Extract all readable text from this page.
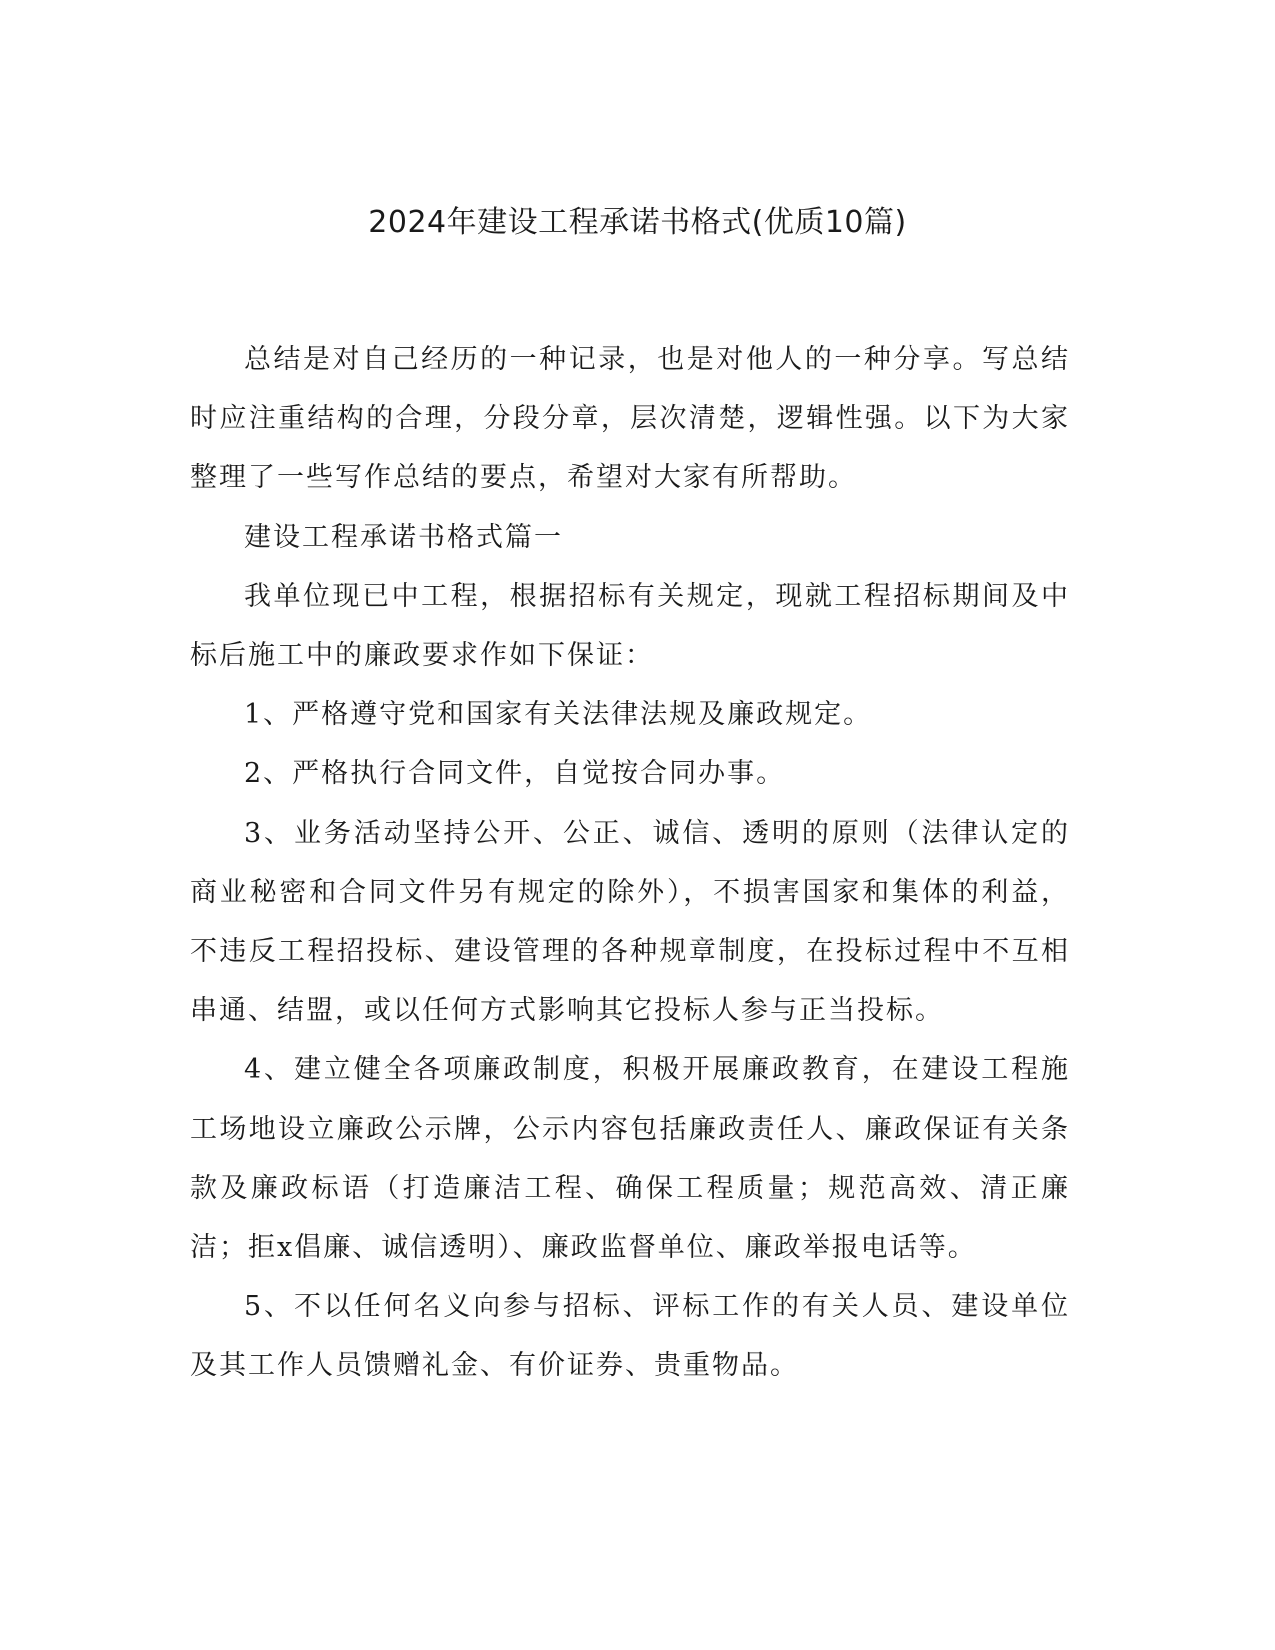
2024年建设工程承诺书格式(优质10篇)

总结是对自己经历的一种记录，也是对他人的一种分享。写总结时应注重结构的合理，分段分章，层次清楚，逻辑性强。以下为大家整理了一些写作总结的要点，希望对大家有所帮助。

建设工程承诺书格式篇一

我单位现已中工程，根据招标有关规定，现就工程招标期间及中标后施工中的廉政要求作如下保证：

1、严格遵守党和国家有关法律法规及廉政规定。

2、严格执行合同文件，自觉按合同办事。

3、业务活动坚持公开、公正、诚信、透明的原则（法律认定的商业秘密和合同文件另有规定的除外），不损害国家和集体的利益，不违反工程招投标、建设管理的各种规章制度，在投标过程中不互相串通、结盟，或以任何方式影响其它投标人参与正当投标。

4、建立健全各项廉政制度，积极开展廉政教育，在建设工程施工场地设立廉政公示牌，公示内容包括廉政责任人、廉政保证有关条款及廉政标语（打造廉洁工程、确保工程质量；规范高效、清正廉洁；拒x倡廉、诚信透明）、廉政监督单位、廉政举报电话等。

5、不以任何名义向参与招标、评标工作的有关人员、建设单位及其工作人员馈赠礼金、有价证券、贵重物品。
